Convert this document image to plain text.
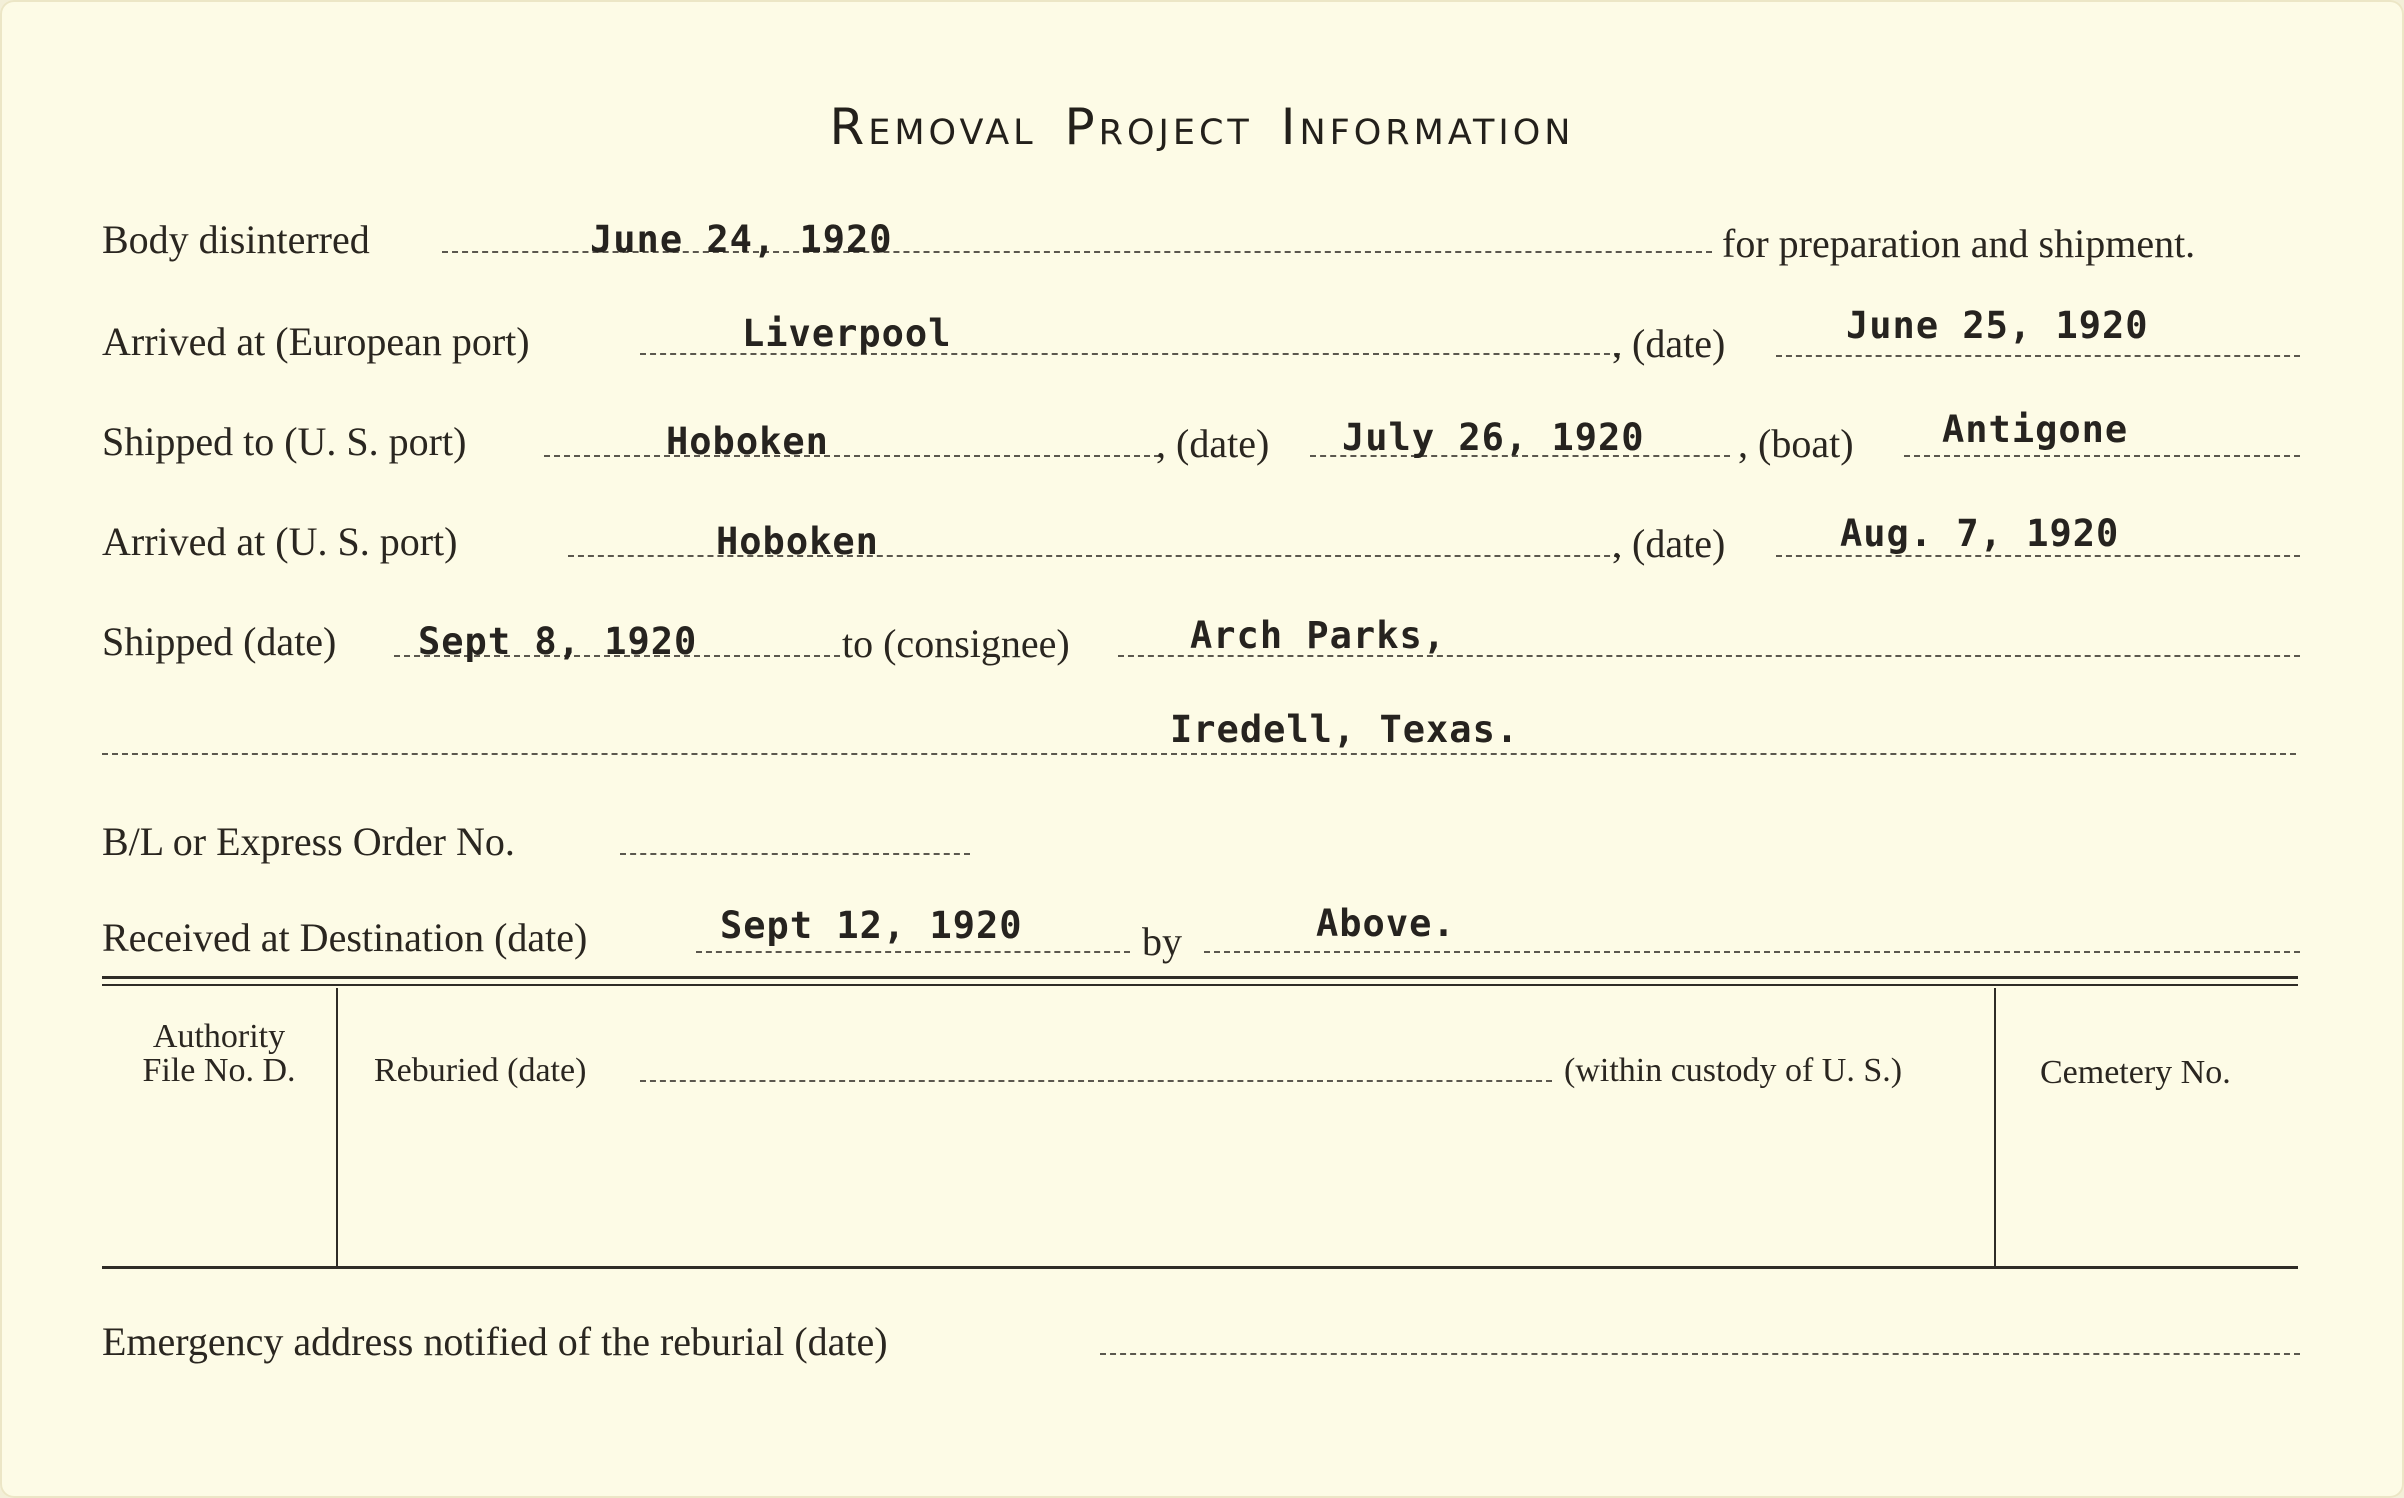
Removal Project Information
Body disinterred	June 24, 1920	for preparation and shipment.
Arrived at (European port)	Liverpool	, (date)	June 25, 1920
Shipped to (U. S. port)	Hoboken	, (date) July 26, 1920 , (boat) Antigone
Arrived at (U. S. port)	Hoboken	, (date)	Aug. 7, 1920
Shipped (date) Sept 8, 1920	to (consignee)	Arch Parks,
Iredell, Texas.
B/L or Express Order No.
Received at Destination (date)	Sept 12, 1920	by	Above.
Authority
File No. D.	Reburied (date)	(within custody of U. S.)	Cemetery No.
Emergency address notified of the reburial (date)
